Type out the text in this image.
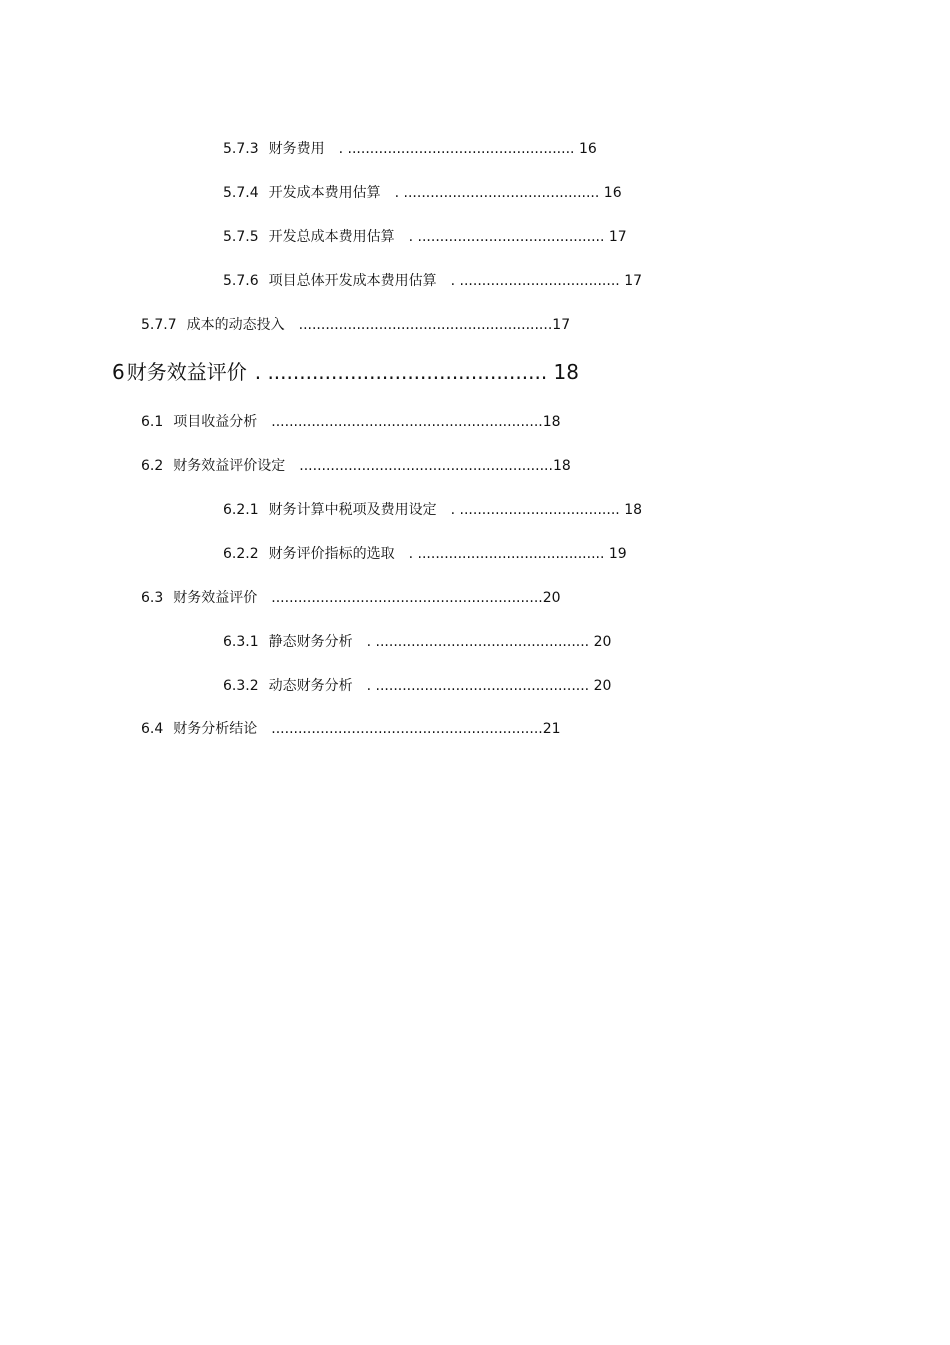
5.7.3 财务费用 . ................................................... 16
5.7.4 开发成本费用估算 . ............................................ 16
5.7.5 开发总成本费用估算 . .......................................... 17
5.7.6 项目总体开发成本费用估算 . .................................... 17
5.7.7 成本的动态投入 .........................................................17
6 财务效益评价 . ............................................ 18
6.1 项目收益分析 .............................................................18
6.2 财务效益评价设定 .........................................................18
6.2.1 财务计算中税项及费用设定 . .................................... 18
6.2.2 财务评价指标的选取 . .......................................... 19
6.3 财务效益评价 .............................................................20
6.3.1 静态财务分析 . ................................................ 20
6.3.2 动态财务分析 . ................................................ 20
6.4 财务分析结论 .............................................................21
